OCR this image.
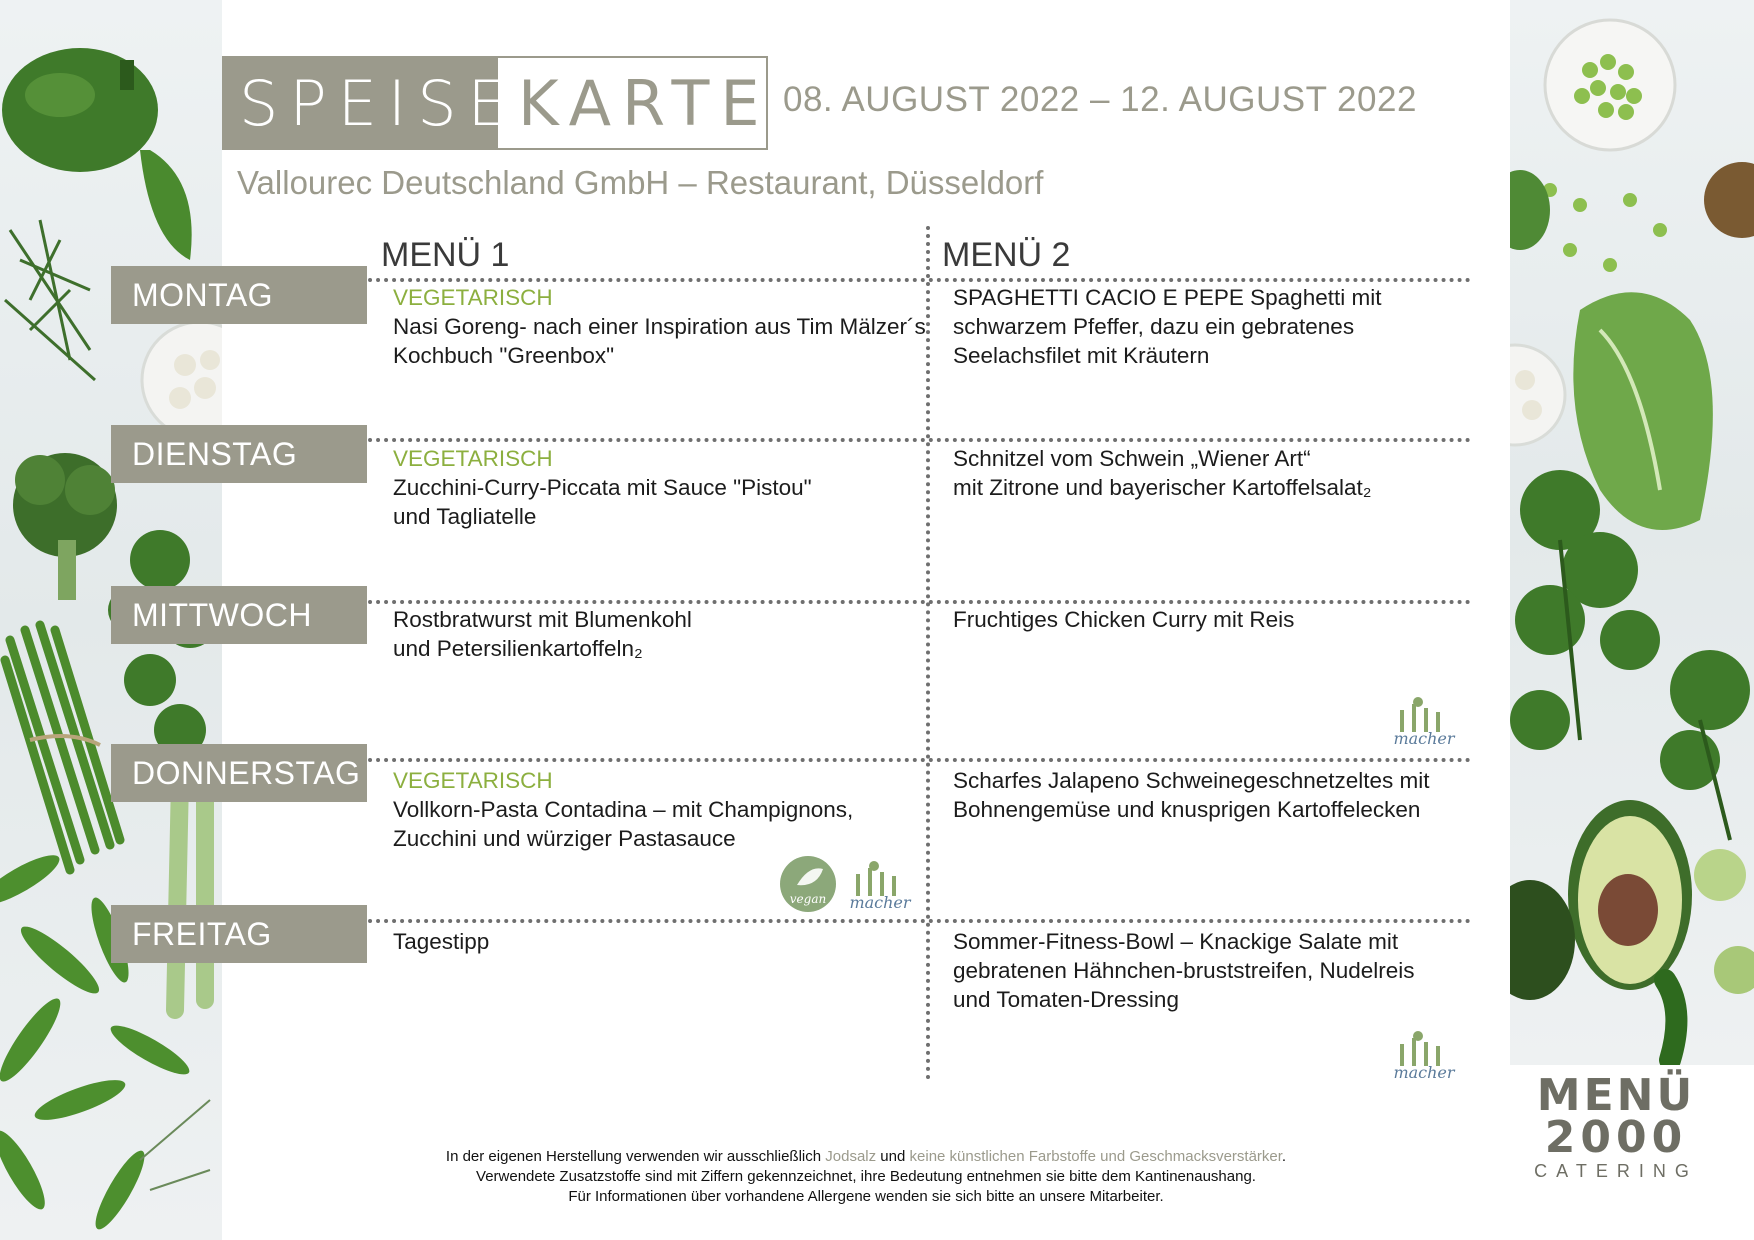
SPEISE KARTE 08. AUGUST 2022 – 12. AUGUST 2022
Vallourec Deutschland GmbH – Restaurant, Düsseldorf
MENÜ 1	MENÜ 2
MONTAG
DIENSTAG
MITTWOCH
DONNERSTAG
FREITAG
VEGETARISCH
Nasi Goreng- nach einer Inspiration aus Tim Mälzer´s
Kochbuch "Greenbox"
SPAGHETTI CACIO E PEPE Spaghetti mit
schwarzem Pfeffer, dazu ein gebratenes
Seelachsfilet mit Kräutern
VEGETARISCH
Zucchini-Curry-Piccata mit Sauce "Pistou"
und Tagliatelle
Schnitzel vom Schwein „Wiener Art“
mit Zitrone und bayerischer Kartoffelsalat₂
Rostbratwurst mit Blumenkohl
und Petersilienkartoffeln₂
Fruchtiges Chicken Curry mit Reis
VEGETARISCH
Vollkorn-Pasta Contadina – mit Champignons,
Zucchini und würziger Pastasauce
Scharfes Jalapeno Schweinegeschnetzeltes mit
Bohnengemüse und knusprigen Kartoffelecken
Tagestipp	Sommer-Fitness-Bowl – Knackige Salate mit
gebratenen Hähnchen-bruststreifen, Nudelreis
und Tomaten-Dressing
macher
vegan macher
macher

In der eigenen Herstellung verwenden wir ausschließlich Jodsalz und keine künstlichen Farbstoffe und Geschmacksverstärker.

Verwendete Zusatzstoffe sind mit Ziffern gekennzeichnet, ihre Bedeutung entnehmen sie bitte dem Kantinenaushang.

Für Informationen über vorhandene Allergene wenden sie sich bitte an unsere Mitarbeiter.

MENÜ
2000
CATERING
